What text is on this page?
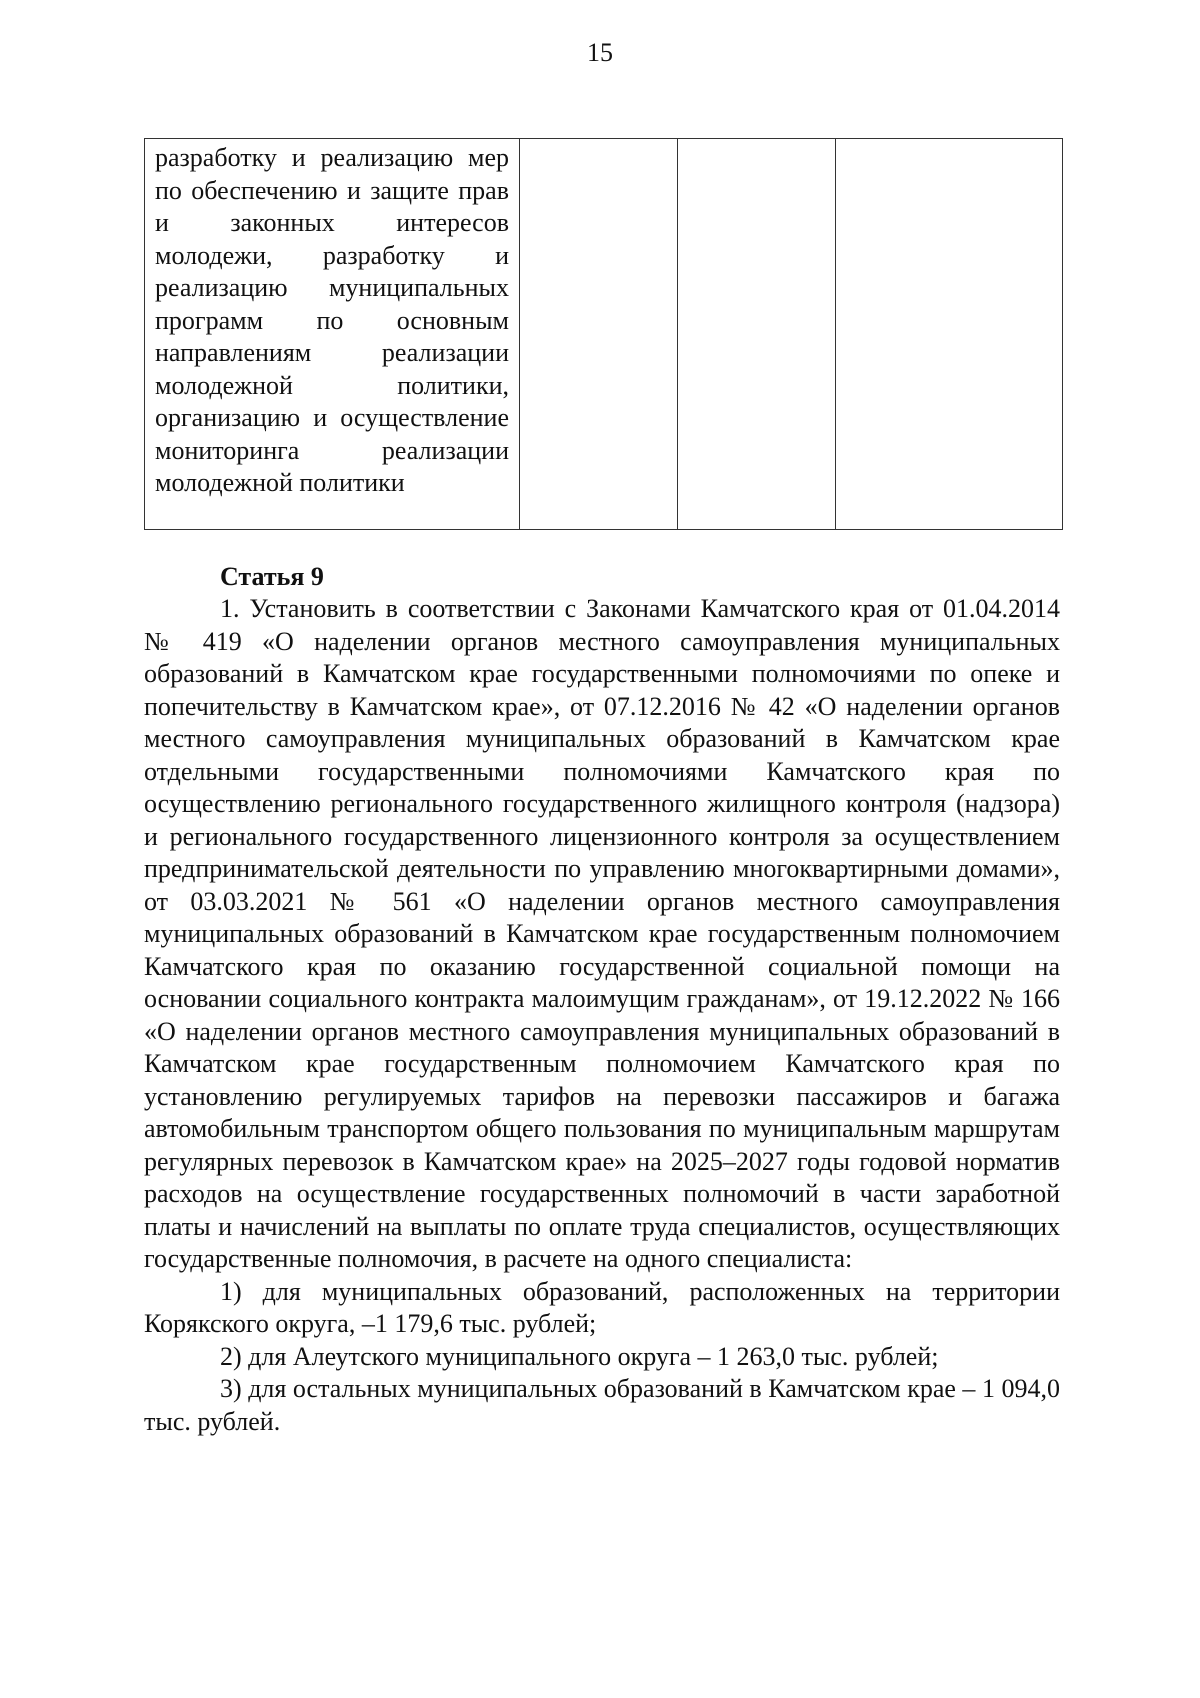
15
разработку и реализацию мер по обеспечению и защите прав и законных интересов молодежи, разработку и реализацию муниципальных программ по основным направлениям реализации молодежной политики, организацию и осуществление мониторинга реализации молодежной политики

Статья 9

1. Установить в соответствии с Законами Камчатского края от 01.04.2014 № 419 «О наделении органов местного самоуправления муниципальных образований в Камчатском крае государственными полномочиями по опеке и попечительству в Камчатском крае», от 07.12.2016 № 42 «О наделении органов местного самоуправления муниципальных образований в Камчатском крае отдельными государственными полномочиями Камчатского края по осуществлению регионального государственного жилищного контроля (надзора) и регионального государственного лицензионного контроля за осуществлением предпринимательской деятельности по управлению многоквартирными домами», от 03.03.2021 № 561 «О наделении органов местного самоуправления муниципальных образований в Камчатском крае государственным полномочием Камчатского края по оказанию государственной социальной помощи на основании социального контракта малоимущим гражданам», от 19.12.2022 № 166 «О наделении органов местного самоуправления муниципальных образований в Камчатском крае государственным полномочием Камчатского края по установлению регулируемых тарифов на перевозки пассажиров и багажа автомобильным транспортом общего пользования по муниципальным маршрутам регулярных перевозок в Камчатском крае» на 2025–2027 годы годовой норматив расходов на осуществление государственных полномочий в части заработной платы и начислений на выплаты по оплате труда специалистов, осуществляющих государственные полномочия, в расчете на одного специалиста:

1) для муниципальных образований, расположенных на территории Корякского округа, –1 179,6 тыс. рублей;

2) для Алеутского муниципального округа – 1 263,0 тыс. рублей;

3) для остальных муниципальных образований в Камчатском крае – 1 094,0 тыс. рублей.
